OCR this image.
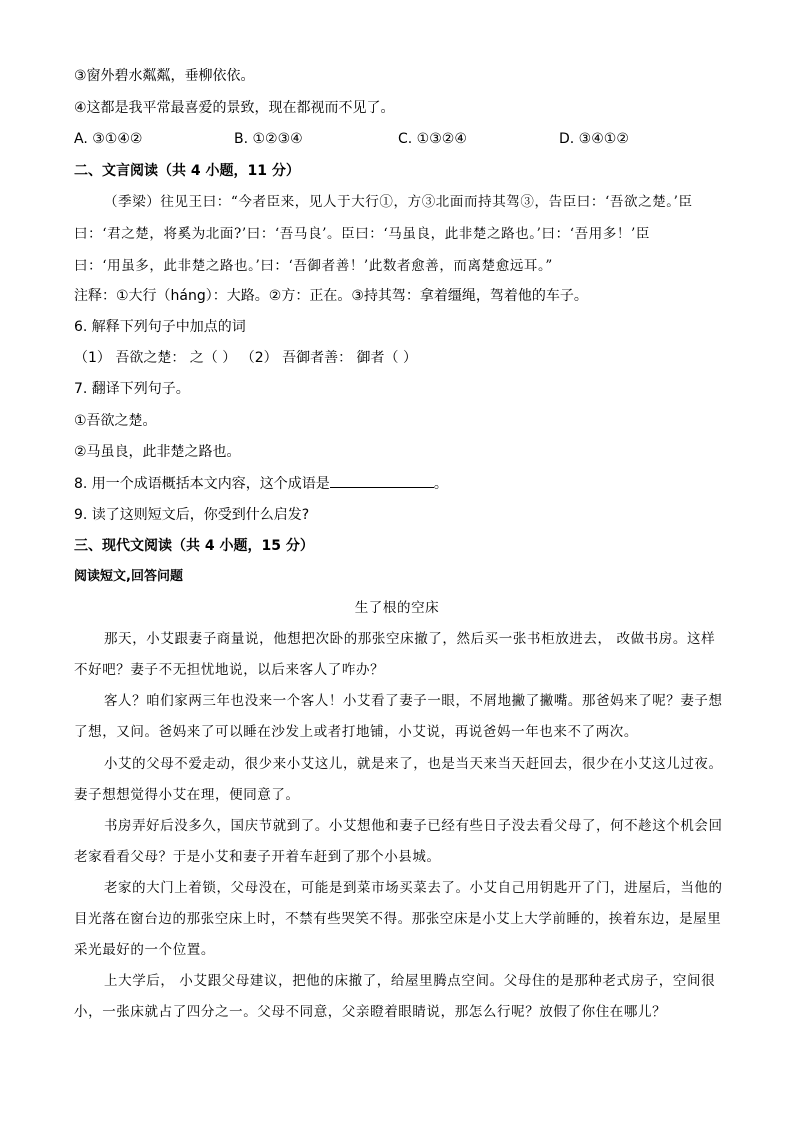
③窗外碧水粼粼，垂柳依依。
④这都是我平常最喜爱的景致，现在都视而不见了。
A. ③①④②	B. ①②③④	C. ①③②④	D. ③④①②
二、文言阅读（共 4 小题，11 分）
（季梁）往见王曰：“今者臣来，见人于大行①，方③北面而持其驾③，告臣曰：‘吾欲之楚。’臣
曰：‘君之楚，将奚为北面?’曰：‘吾马良’。臣曰：‘马虽良，此非楚之路也。’曰：‘吾用多！’臣
曰：‘用虽多，此非楚之路也。’曰：‘吾御者善！’此数者愈善，而离楚愈远耳。”
注释：①大行（háng）：大路。②方：正在。③持其驾：拿着缰绳，驾着他的车子。
6. 解释下列句子中加点的词
（1） 吾欲之楚： 之（ ） （2） 吾御者善： 御者（ ）
7. 翻译下列句子。
①吾欲之楚。
②马虽良，此非楚之路也。
8. 用一个成语概括本文内容，这个成语是	。
9. 读了这则短文后，你受到什么启发?
三、现代文阅读（共 4 小题，15 分）
阅读短文,回答问题
生了根的空床
那天，小艾跟妻子商量说，他想把次卧的那张空床撤了，然后买一张书柜放进去， 改做书房。这样
不好吧？妻子不无担忧地说，以后来客人了咋办？
客人？咱们家两三年也没来一个客人！小艾看了妻子一眼，不屑地撇了撇嘴。那爸妈来了呢？妻子想
了想，又问。爸妈来了可以睡在沙发上或者打地铺，小艾说，再说爸妈一年也来不了两次。
小艾的父母不爱走动，很少来小艾这儿，就是来了，也是当天来当天赶回去，很少在小艾这儿过夜。
妻子想想觉得小艾在理，便同意了。
书房弄好后没多久，国庆节就到了。小艾想他和妻子已经有些日子没去看父母了，何不趁这个机会回
老家看看父母？于是小艾和妻子开着车赶到了那个小县城。
老家的大门上着锁，父母没在，可能是到菜市场买菜去了。小艾自己用钥匙开了门，进屋后，当他的
目光落在窗台边的那张空床上时，不禁有些哭笑不得。那张空床是小艾上大学前睡的，挨着东边，是屋里
采光最好的一个位置。
上大学后， 小艾跟父母建议，把他的床撤了，给屋里腾点空间。父母住的是那种老式房子，空间很
小，一张床就占了四分之一。父母不同意，父亲瞪着眼睛说，那怎么行呢？放假了你住在哪儿？
